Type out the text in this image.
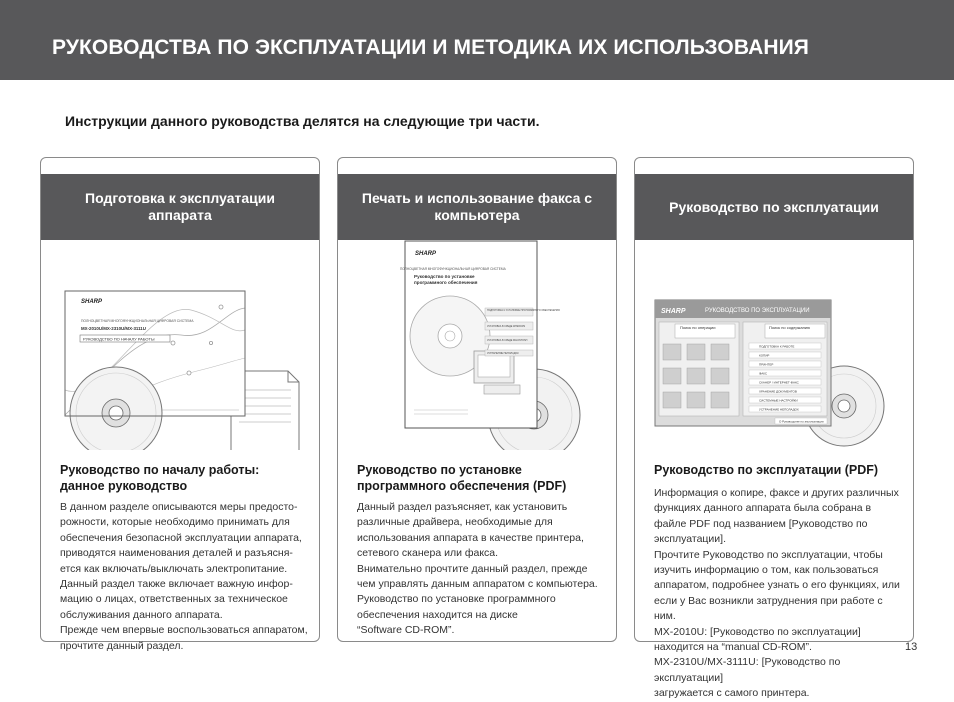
РУКОВОДСТВА ПО ЭКСПЛУАТАЦИИ И МЕТОДИКА ИХ ИСПОЛЬЗОВАНИЯ

Инструкции данного руководства делятся на следующие три части.

Подготовка к эксплуатации аппарата
SHARP
ПОЛНОЦВЕТНАЯ МНОГОФУНКЦИОНАЛЬНАЯ ЦИФРОВАЯ СИСТЕМА
MX-2010U/MX-2310U/MX-3111U
РУКОВОДСТВО ПО НАЧАЛУ РАБОТЫ

Руководство по началу работы: данное руководство

В данном разделе описываются меры предосто-
рожности, которые необходимо принимать для
обеспечения безопасной эксплуатации аппарата,
приводятся наименования деталей и разъясня-
ется как включать/выключать электропитание.
Данный раздел также включает важную инфор-
мацию о лицах, ответственных за техническое
обслуживания данного аппарата.
Прежде чем впервые воспользоваться аппаратом,
прочтите данный раздел.

Печать и использование факса с компьютера
SHARP
ПОЛНОЦВЕТНАЯ МНОГОФУНКЦИОНАЛЬНАЯ ЦИФРОВАЯ СИСТЕМА
Руководство по установке
программного обеспечения
ПОДГОТОВКА К УСТАНОВКЕ ПРОГРАММНОГО ОБЕСПЕЧЕНИЯ
УСТАНОВКА В СРЕДЕ WINDOWS
УСТАНОВКА В СРЕДЕ MACINTOSH
УСТРАНЕНИЕ НЕПОЛАДОК

Руководство по установке программного обеспечения (PDF)

Данный раздел разъясняет, как установить
различные драйвера, необходимые для
использования аппарата в качестве принтера,
сетевого сканера или факса.
Внимательно прочтите данный раздел, прежде
чем управлять данным аппаратом с компьютера.
Руководство по установке программного
обеспечения находится на диске
“Software CD-ROM”.

Руководство по эксплуатации
SHARP	РУКОВОДСТВО ПО ЭКСПЛУАТАЦИИ
Поиск по операции	Поиск по содержанию
ПОДГОТОВКА К РАБОТЕ
КОПИР
ПРИНТЕР
ФАКС
СКАНЕР / ИНТЕРНЕТ-ФАКС
ХРАНЕНИЕ ДОКУМЕНТОВ
СИСТЕМНЫЕ НАСТРОЙКИ
УСТРАНЕНИЕ НЕПОЛАДОК
О Руководстве по эксплуатации

Руководство по эксплуатации (PDF)

Информация о копире, факсе и других различных
функциях данного аппарата была собрана в
файле PDF под названием [Руководство по
эксплуатации].
Прочтите Руководство по эксплуатации, чтобы
изучить информацию о том, как пользоваться
аппаратом, подробнее узнать о его функциях, или
если у Вас возникли затруднения при работе с ним.
MX-2010U: [Руководство по эксплуатации]
находится на “manual CD-ROM”.
MX-2310U/MX-3111U: [Руководство по эксплуатации]
загружается с самого принтера.

13
